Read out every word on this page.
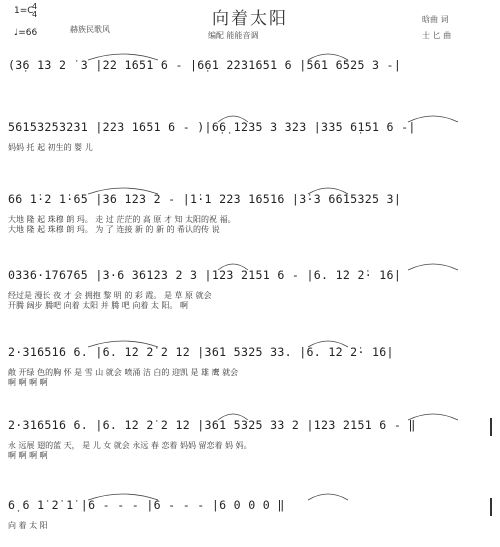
1=C
4
4
♩=66	赫族民歌风
向着太阳
编配 能能音调
晗曲 词
士 匕 曲
(3̣6 1̇3 2 ̇ 3 |2̇2 1̇65̇1 6 - |6̣6̇1 2̇2̇31̇65̇1 6 |5̇6̇1 6525 3 -|
5̇6̇1̇53253231 |223 1̇651 6 - )|6̣6̣ 1̇235 3 323 |335 6̣15̇1 6 -|
妈妈 托 起 初生的 婴 儿
66 1̇·2 1̇·65 |36 1̇23 2 - |1̇·1 223 16516 |3̇·3 66̇15325 3|
大地 隆 起 珠穆 朗 玛。 走 过 茫茫的 高 原 才 知 太阳的祝 福。
大地 隆 起 珠穆 朗 玛。 为 了 连接 新 的 新 的 希认的传 说
0336·1̇76765 |3·6 36123 2 3 |123 2151 6 - |6. 1̇2 2̇· 1̇6|
经过是 漫长 夜 才 会 拥抱 黎 明 的 彩 霞。 是 草 原 就会
开腾 阔步 腾吧 向着 太阳 并 腾 吧 向着 太 阳。 啊
2·3165̇1̇6 6. |6. 1̇2 2̇ 2 12 |36̇1 5325 33. |6. 1̇2 2̇· 1̇6|
敞 开绿 色的胸 怀 是 雪 山 就会 喷涌 洁 白的 迎凯 是 雄 鹰 就会
啊 啊 啊 啊
2·3165̇16 6. |6. 1̇2 2̇ 2 12 |36̇1 5325 33 2 |123 2151 6 - ‖
永 远展 翅的蓝 天， 是 儿 女 就会 永远 春 恋着 妈妈 留恋着 妈 妈。
啊 啊 啊 啊
6̣ 6 1̇ 2̇ 1̇ |6 - - - |6 - - - |6 0 0 0 ‖
向 着 太 阳
